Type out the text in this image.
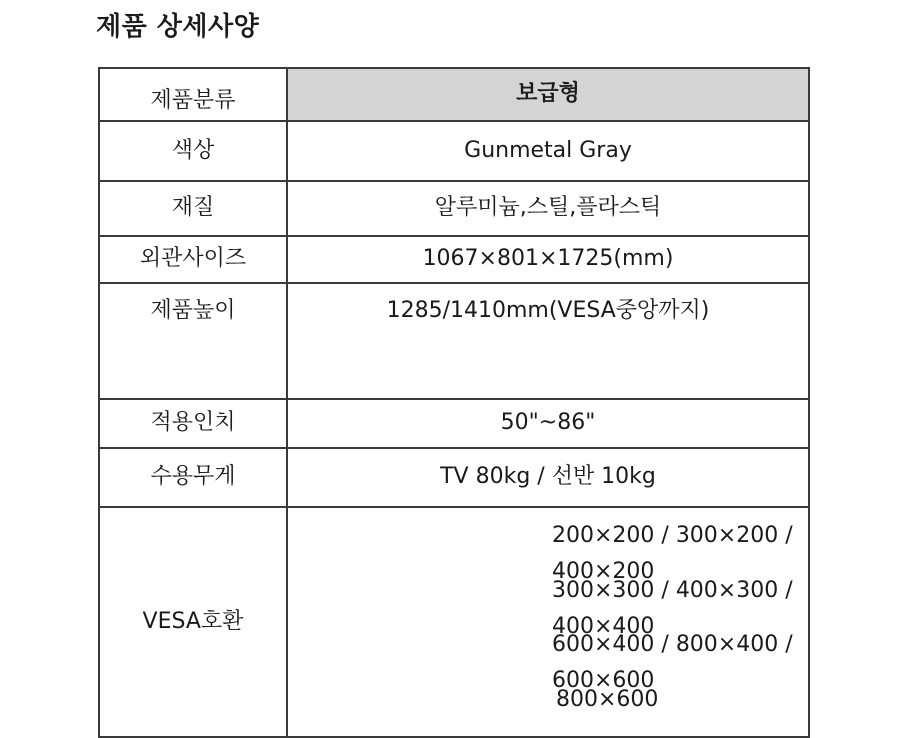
제품 상세사양
제품분류	보급형
색상	Gunmetal Gray
재질	알루미늄,스틸,플라스틱
외관사이즈	1067×801×1725(mm)
제품높이	1285/1410mm(VESA중앙까지)
적용인치	50"~86"
수용무게	TV 80kg / 선반 10kg
VESA호환	200×200 / 300×200 / 400×200
300×300 / 400×300 / 400×400
600×400 / 800×400 / 600×600
800×600
